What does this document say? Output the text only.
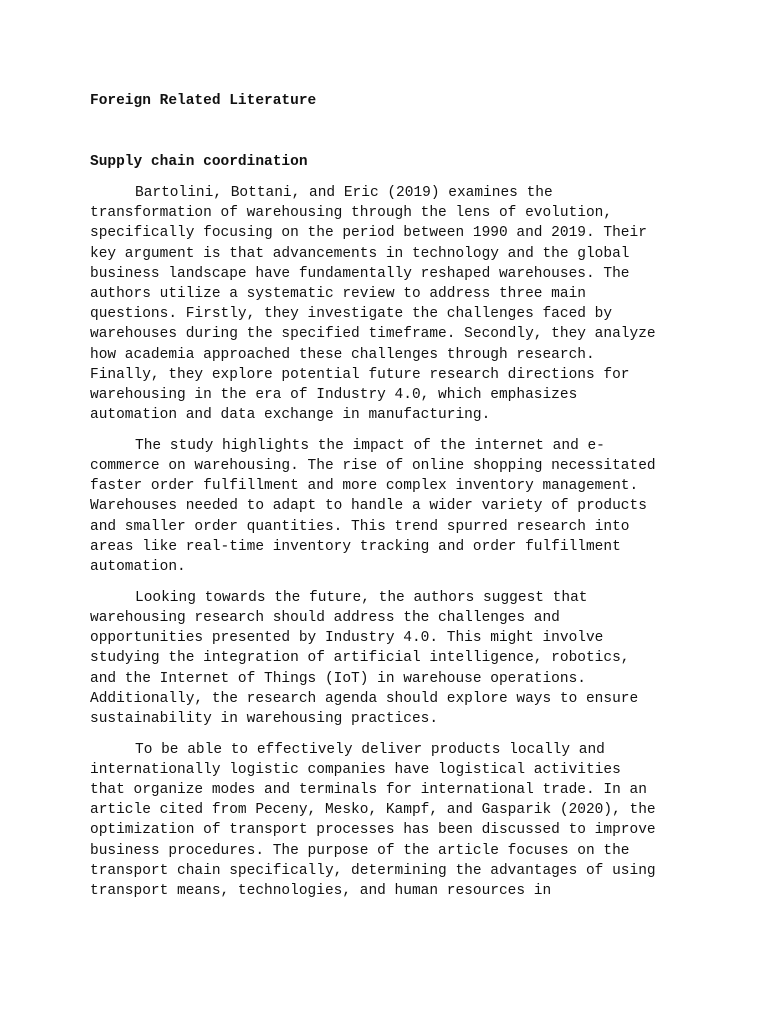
Foreign Related Literature
Supply chain coordination
Bartolini, Bottani, and Eric (2019) examines the
transformation of warehousing through the lens of evolution,
specifically focusing on the period between 1990 and 2019. Their
key argument is that advancements in technology and the global
business landscape have fundamentally reshaped warehouses. The
authors utilize a systematic review to address three main
questions. Firstly, they investigate the challenges faced by
warehouses during the specified timeframe. Secondly, they analyze
how academia approached these challenges through research.
Finally, they explore potential future research directions for
warehousing in the era of Industry 4.0, which emphasizes
automation and data exchange in manufacturing.
The study highlights the impact of the internet and e-
commerce on warehousing. The rise of online shopping necessitated
faster order fulfillment and more complex inventory management.
Warehouses needed to adapt to handle a wider variety of products
and smaller order quantities. This trend spurred research into
areas like real-time inventory tracking and order fulfillment
automation.
Looking towards the future, the authors suggest that
warehousing research should address the challenges and
opportunities presented by Industry 4.0. This might involve
studying the integration of artificial intelligence, robotics,
and the Internet of Things (IoT) in warehouse operations.
Additionally, the research agenda should explore ways to ensure
sustainability in warehousing practices.
To be able to effectively deliver products locally and
internationally logistic companies have logistical activities
that organize modes and terminals for international trade. In an
article cited from Peceny, Mesko, Kampf, and Gasparik (2020), the
optimization of transport processes has been discussed to improve
business procedures. The purpose of the article focuses on the
transport chain specifically, determining the advantages of using
transport means, technologies, and human resources in
